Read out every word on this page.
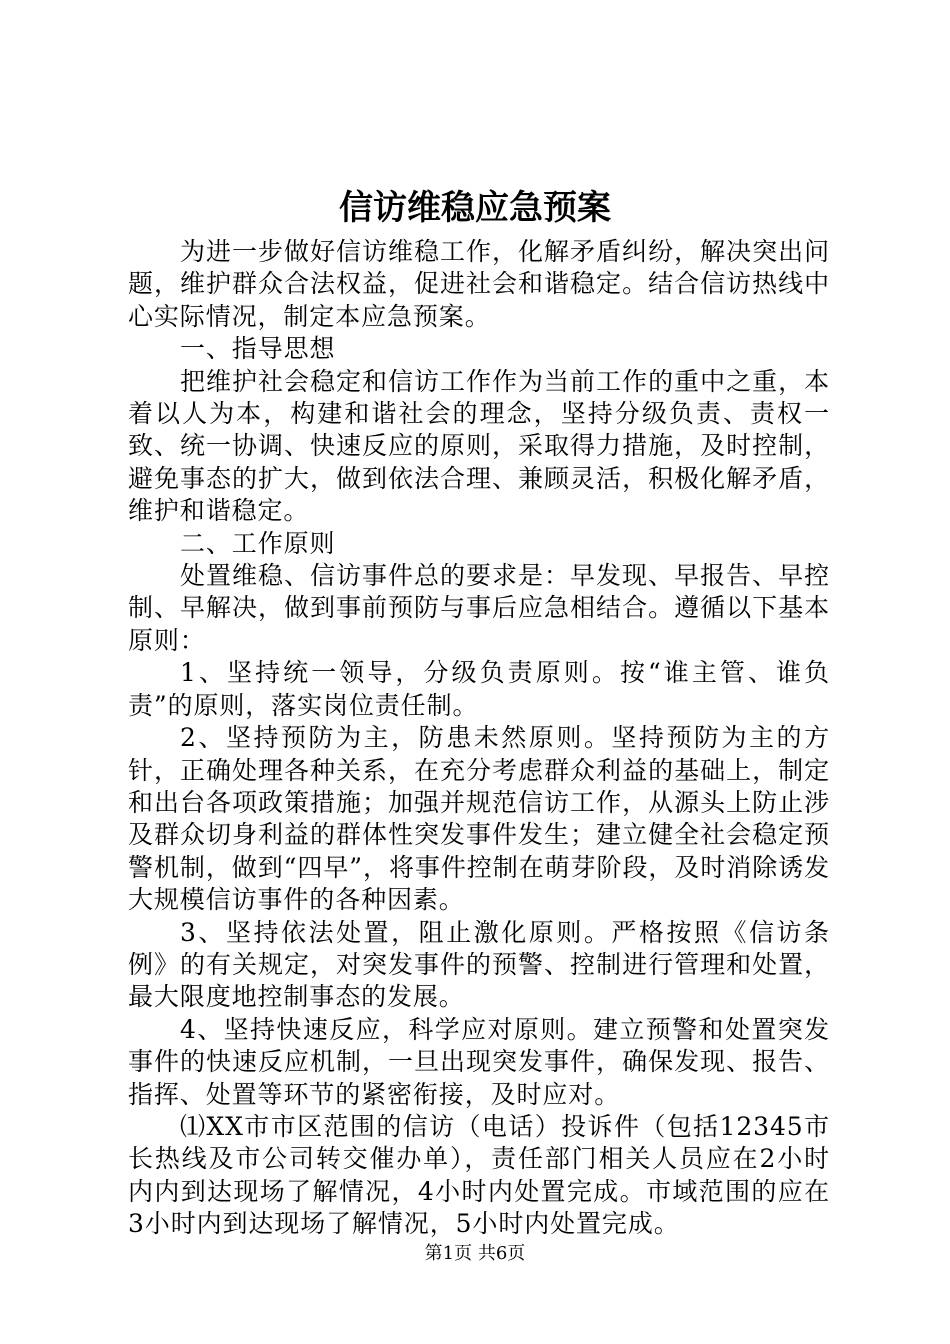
信访维稳应急预案

为进一步做好信访维稳工作，化解矛盾纠纷，解决突出问题，维护群众合法权益，促进社会和谐稳定。结合信访热线中心实际情况，制定本应急预案。

一、指导思想

把维护社会稳定和信访工作作为当前工作的重中之重，本着以人为本，构建和谐社会的理念，坚持分级负责、责权一致、统一协调、快速反应的原则，采取得力措施，及时控制，避免事态的扩大，做到依法合理、兼顾灵活，积极化解矛盾，维护和谐稳定。

二、工作原则

处置维稳、信访事件总的要求是：早发现、早报告、早控制、早解决，做到事前预防与事后应急相结合。遵循以下基本原则：

1、坚持统一领导，分级负责原则。按“谁主管、谁负责”的原则，落实岗位责任制。

2、坚持预防为主，防患未然原则。坚持预防为主的方针，正确处理各种关系，在充分考虑群众利益的基础上，制定和出台各项政策措施；加强并规范信访工作，从源头上防止涉及群众切身利益的群体性突发事件发生；建立健全社会稳定预警机制，做到“四早”，将事件控制在萌芽阶段，及时消除诱发大规模信访事件的各种因素。

3、坚持依法处置，阻止激化原则。严格按照《信访条例》的有关规定，对突发事件的预警、控制进行管理和处置，最大限度地控制事态的发展。

4、坚持快速反应，科学应对原则。建立预警和处置突发事件的快速反应机制，一旦出现突发事件，确保发现、报告、指挥、处置等环节的紧密衔接，及时应对。

⑴XX市市区范围的信访（电话）投诉件（包括12345市长热线及市公司转交催办单），责任部门相关人员应在2小时内内到达现场了解情况，4小时内处置完成。市域范围的应在3小时内到达现场了解情况，5小时内处置完成。

第1页 共6页
